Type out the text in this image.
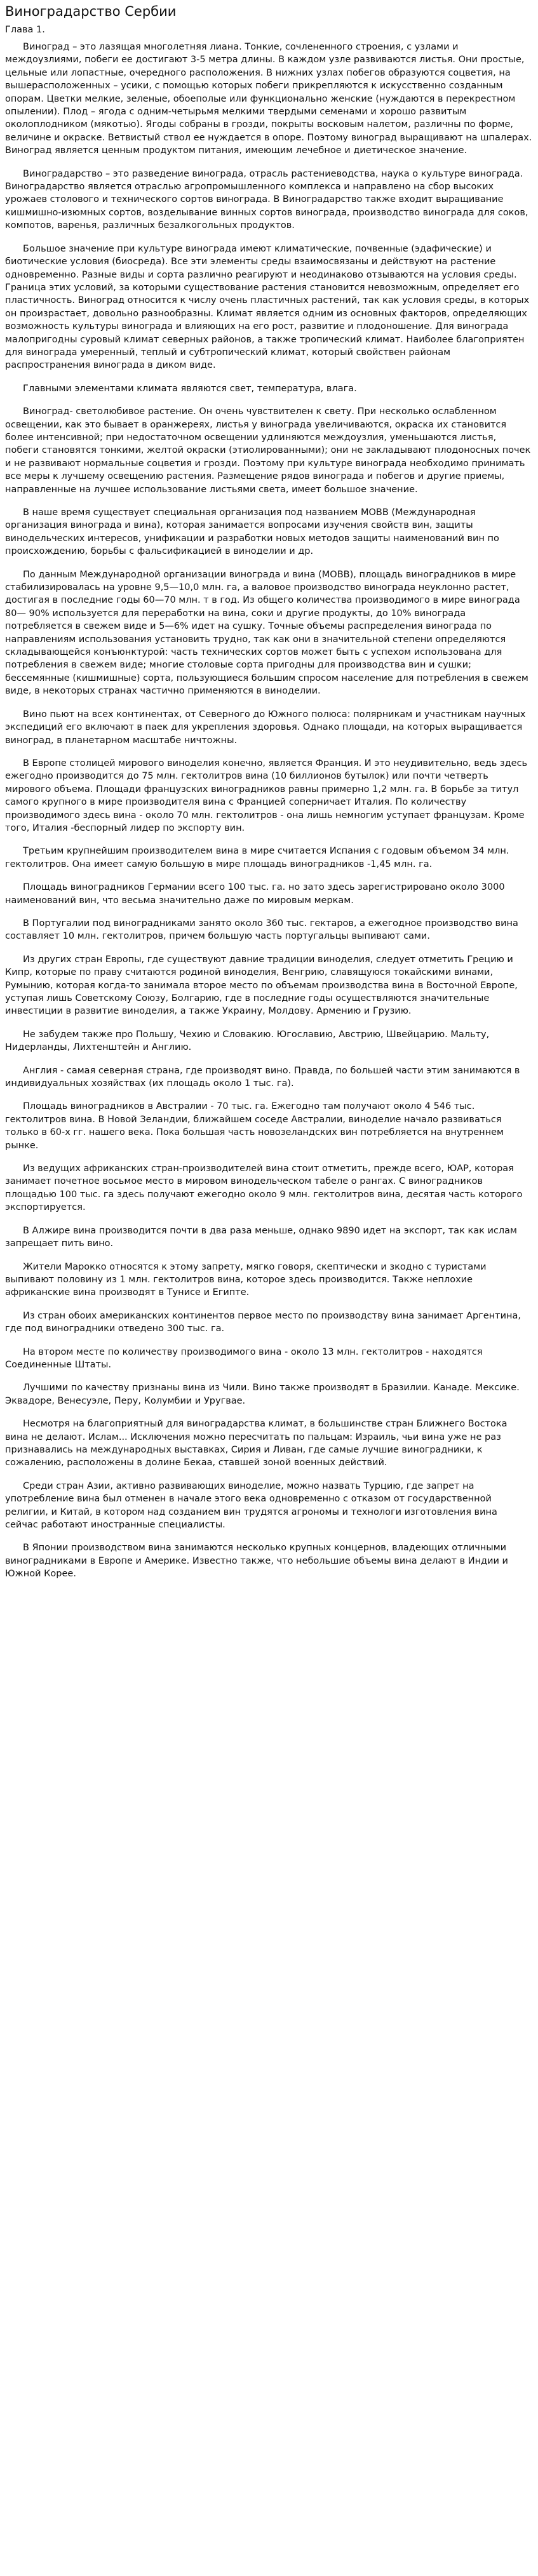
Виноградарство Сербии
Глава 1.

Виноград – это лазящая многолетняя лиана. Тонкие, сочлененного строения, с узлами и междоузлиями, побеги ее достигают 3-5 метра длины. В каждом узле развиваются листья. Они простые, цельные или лопастные, очередного расположения. В нижних узлах побегов образуются соцветия, на вышерасположенных – усики, с помощью которых побеги прикрепляются к искусственно созданным опорам. Цветки мелкие, зеленые, обоеполые или функционально женские (нуждаются в перекрестном опылении). Плод – ягода с одним-четырьмя мелкими твердыми семенами и хорошо развитым околоплодником (мякотью). Ягоды собраны в грозди, покрыты восковым налетом, различны по форме, величине и окраске. Ветвистый ствол ее нуждается в опоре. Поэтому виноград выращивают на шпалерах. Виноград является ценным продуктом питания, имеющим лечебное и диетическое значение.

Виноградарство – это разведение винограда, отрасль растениеводства, наука о культуре винограда. Виноградарство является отраслью агропромышленного комплекса и направлено на сбор высоких урожаев столового и технического сортов винограда. В Виноградарство также входит выращивание кишмишно-изюмных сортов, возделывание винных сортов винограда, производство винограда для соков, компотов, варенья, различных безалкогольных продуктов.

Большое значение при культуре винограда имеют климатические, почвенные (эдафические) и биотические условия (биосреда). Все эти элементы среды взаимосвязаны и действуют на растение одновременно. Разные виды и сорта различно реагируют и неодинаково отзываются на условия среды. Граница этих условий, за которыми существование растения становится невозможным, определяет его пластичность. Виноград относится к числу очень пластичных растений, так как условия среды, в которых он произрастает, довольно разнообразны. Климат является одним из основных факторов, определяющих возможность культуры винограда и влияющих на его рост, развитие и плодоношение. Для винограда малопригодны суровый климат северных районов, а также тропический климат. Наиболее благоприятен для винограда умеренный, теплый и субтропический климат, который свойствен районам распространения винограда в диком виде.

Главными элементами климата являются свет, температура, влага.

Виноград- светолюбивое растение. Он очень чувствителен к свету. При несколько ослабленном освещении, как это бывает в оранжереях, листья у винограда увеличиваются, окраска их становится более интенсивной; при недостаточном освещении удлиняются междоузлия, уменьшаются листья, побеги становятся тонкими, желтой окраски (этиолированными); они не закладывают плодоносных почек и не развивают нормальные соцветия и грозди. Поэтому при культуре винограда необходимо принимать все меры к лучшему освещению растения. Размещение рядов винограда и побегов и другие приемы, направленные на лучшее использование листьями света, имеет большое значение.

В наше время существует специальная организация под названием МОВВ (Международная организация винограда и вина), которая занимается вопросами изучения свойств вин, защиты винодельческих интересов, унификации и разработки новых методов защиты наименований вин по происхождению, борьбы с фальсификацией в виноделии и др.

По данным Международной организации винограда и вина (МОВВ), площадь виноградников в мире стабилизировалась на уровне 9,5—10,0 млн. га, а валовое производство винограда неуклонно растет, достигая в последние годы 60—70 млн. т в год. Из общего количества производимого в мире винограда 80— 90% используется для переработки на вина, соки и другие продукты, до 10% винограда потребляется в свежем виде и 5—6% идет на сушку. Точные объемы распределения винограда по направлениям использования установить трудно, так как они в значительной степени определяются складывающейся конъюнктурой: часть технических сортов может быть с успехом использована для потребления в свежем виде; многие столовые сорта пригодны для производства вин и сушки; бессемянные (кишмишные) сорта, пользующиеся большим спросом население для потребления в свежем виде, в некоторых странах частично применяются в виноделии.

Вино пьют на всех континентах, от Северного до Южного полюса: полярникам и участникам научных экспедиций его включают в паек для укрепления здоровья. Однако площади, на которых выращивается виноград, в планетарном масштабе ничтожны.

В Европе столицей мирового виноделия конечно, является Франция. И это неудивительно, ведь здесь ежегодно производится до 75 млн. гектолитров вина (10 биллионов бутылок) или почти четверть мирового объема. Площади французских виноградников равны примерно 1,2 млн. га. В борьбе за титул самого крупного в мире производителя вина с Францией соперничает Италия. По количеству производимого здесь вина - около 70 млн. гектолитров - она лишь немногим уступает французам. Кроме того, Италия -беспорный лидер по экспорту вин.

Третьим крупнейшим производителем вина в мире считается Испания с годовым объемом 34 млн. гектолитров. Она имеет самую большую в мире площадь виноградников -1,45 млн. га.

Площадь виноградников Германии всего 100 тыс. га. но зато здесь зарегистрировано около 3000 наименований вин, что весьма значительно даже по мировым меркам.

В Португалии под виноградниками занято около 360 тыс. гектаров, а ежегодное производство вина составляет 10 млн. гектолитров, причем большую часть португальцы выпивают сами.

Из других стран Европы, где существуют давние традиции виноделия, следует отметить Грецию и Кипр, которые по праву считаются родиной виноделия, Венгрию, славящуюся токайскими винами, Румынию, которая когда-то занимала второе место по объемам производства вина в Восточной Европе, уступая лишь Советскому Союзу, Болгарию, где в последние годы осуществляются значительные инвестиции в развитие виноделия, а также Украину, Молдову. Армению и Грузию.

Не забудем также про Польшу, Чехию и Словакию. Югославию, Австрию, Швейцарию. Мальту, Нидерланды, Лихтенштейн и Англию.

Англия - самая северная страна, где производят вино. Правда, по большей части этим занимаются в индивидуальных хозяйствах (их площадь около 1 тыс. га).

Площадь виноградников в Австралии - 70 тыс. га. Ежегодно там получают около 4 546 тыс. гектолитров вина. В Новой Зеландии, ближайшем соседе Австралии, виноделие начало развиваться только в 60-х гг. нашего века. Пока большая часть новозеландских вин потребляется на внутреннем рынке.

Из ведущих африканских стран-производителей вина стоит отметить, прежде всего, ЮАР, которая занимает почетное восьмое место в мировом винодельческом табеле о рангах. С виноградников площадью 100 тыс. га здесь получают ежегодно около 9 млн. гектолитров вина, десятая часть которого экспортируется.

В Алжире вина производится почти в два раза меньше, однако 9890 идет на экспорт, так как ислам запрещает пить вино.

Жители Марокко относятся к этому запрету, мягко говоря, скептически и зкодно с туристами выпивают половину из 1 млн. гектолитров вина, которое здесь производится. Также неплохие африканские вина производят в Тунисе и Египте.

Из стран обоих американских континентов первое место по производству вина занимает Аргентина, где под виноградники отведено 300 тыс. га.

На втором месте по количеству производимого вина - около 13 млн. гектолитров - находятся Соединенные Штаты.

Лучшими по качеству признаны вина из Чили. Вино также производят в Бразилии. Канаде. Мексике. Эквадоре, Венесуэле, Перу, Колумбии и Уругвае.

Несмотря на благоприятный для виноградарства климат, в большинстве стран Ближнего Востока вина не делают. Ислам... Исключения можно пересчитать по пальцам: Израиль, чьи вина уже не раз признавались на международных выставках, Сирия и Ливан, где самые лучшие виноградники, к сожалению, расположены в долине Бекаа, ставшей зоной военных действий.

Среди стран Азии, активно развивающих виноделие, можно назвать Турцию, где запрет на употребление вина был отменен в начале этого века одновременно с отказом от государственной религии, и Китай, в котором над созданием вин трудятся агрономы и технологи изготовления вина сейчас работают иностранные специалисты.

В Японии производством вина занимаются несколько крупных концернов, владеющих отличными виноградниками в Европе и Америке. Известно также, что небольшие объемы вина делают в Индии и Южной Корее.
